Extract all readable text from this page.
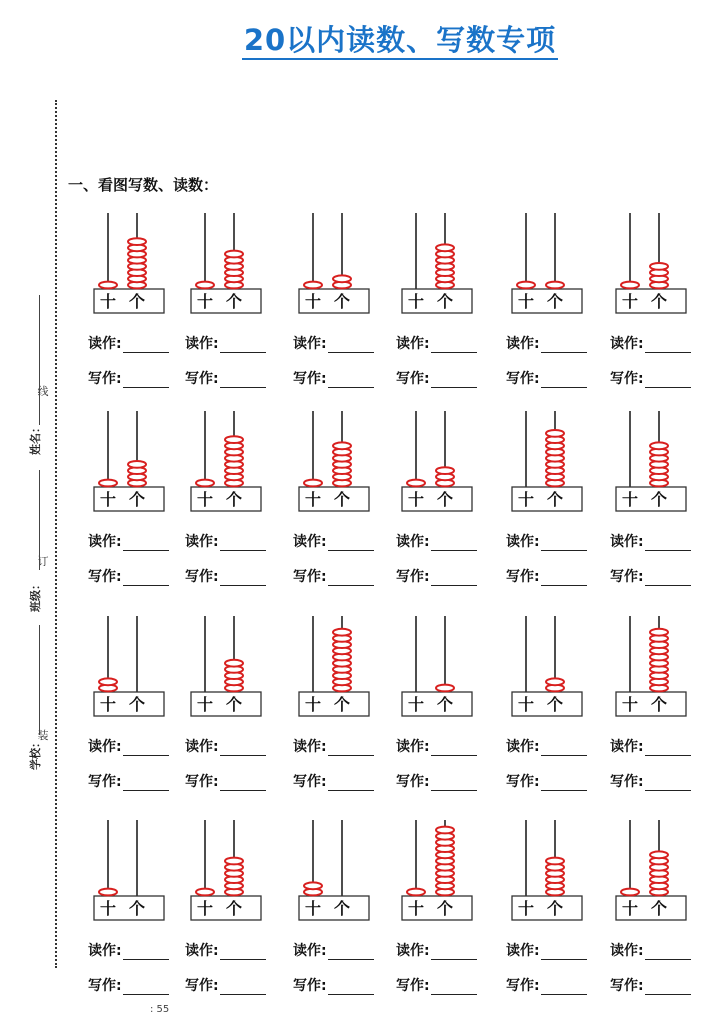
20以内读数、写数专项
线
订
装
姓名：
班级：
学校：
一、看图写数、读数：
十 个
读作:
写作:
十 个
读作:
写作:
十 个
读作:
写作:
十 个
读作:
写作:
十 个
读作:
写作:
十 个
读作:
写作:
十 个
读作:
写作:
十 个
读作:
写作:
十 个
读作:
写作:
十 个
读作:
写作:
十 个
读作:
写作:
十 个
读作:
写作:
十 个
读作:
写作:
十 个
读作:
写作:
十 个
读作:
写作:
十 个
读作:
写作:
十 个
读作:
写作:
十 个
读作:
写作:
十 个
读作:
写作:
十 个
读作:
写作:
十 个
读作:
写作:
十 个
读作:
写作:
十 个
读作:
写作:
十 个
读作:
写作:
: 55
